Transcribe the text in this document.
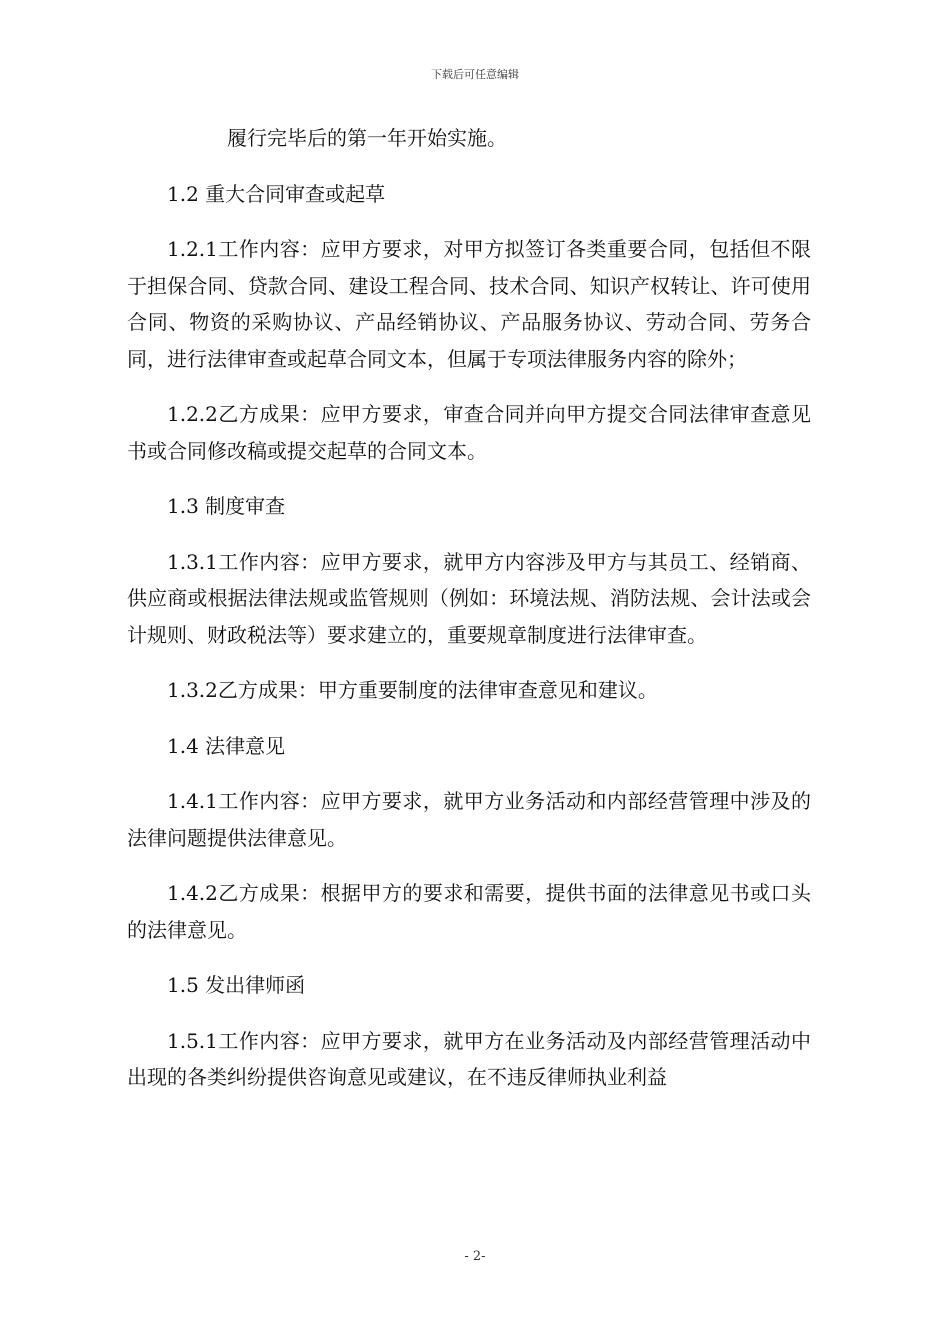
下载后可任意编辑

履行完毕后的第一年开始实施。

1.2 重大合同审查或起草

1.2.1工作内容：应甲方要求，对甲方拟签订各类重要合同，包括但不限于担保合同、贷款合同、建设工程合同、技术合同、知识产权转让、许可使用合同、物资的采购协议、产品经销协议、产品服务协议、劳动合同、劳务合同，进行法律审查或起草合同文本，但属于专项法律服务内容的除外；

1.2.2乙方成果：应甲方要求，审查合同并向甲方提交合同法律审查意见书或合同修改稿或提交起草的合同文本。

1.3 制度审查

1.3.1工作内容：应甲方要求，就甲方内容涉及甲方与其员工、经销商、供应商或根据法律法规或监管规则（例如：环境法规、消防法规、会计法或会计规则、财政税法等）要求建立的，重要规章制度进行法律审查。

1.3.2乙方成果：甲方重要制度的法律审查意见和建议。

1.4 法律意见

1.4.1工作内容：应甲方要求，就甲方业务活动和内部经营管理中涉及的法律问题提供法律意见。

1.4.2乙方成果：根据甲方的要求和需要，提供书面的法律意见书或口头的法律意见。

1.5 发出律师函

1.5.1工作内容：应甲方要求，就甲方在业务活动及内部经营管理活动中出现的各类纠纷提供咨询意见或建议，在不违反律师执业利益

- 2-
